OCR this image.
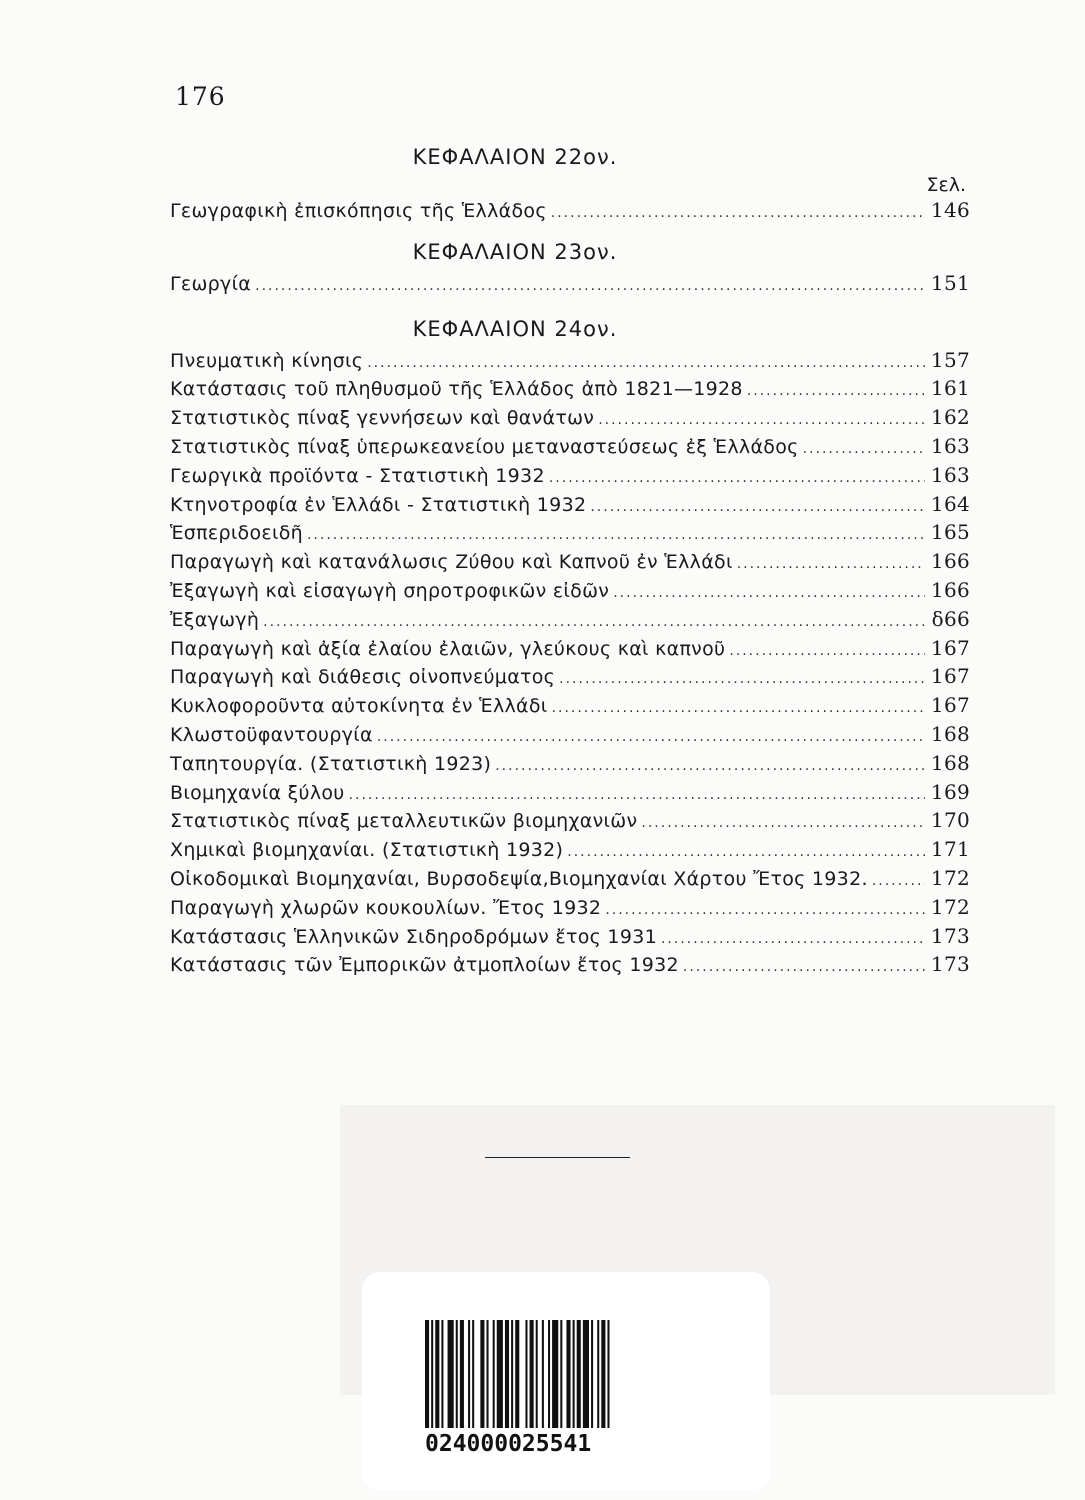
176
ΚΕΦΑΛΑΙΟΝ 22ον.
Σελ.
Γεωγραφικὴ ἐπισκόπησις τῆς Ἑλλάδος .....	146
ΚΕΦΑΛΑΙΟΝ 23ον.
Γεωργία .....	151
ΚΕΦΑΛΑΙΟΝ 24ον.
Πνευματικὴ κίνησις .....	157
Κατάστασις τοῦ πληθυσμοῦ τῆς Ἑλλάδος ἀπὸ 1821—1928 .....	161
Στατιστικὸς πίναξ γεννήσεων καὶ θανάτων .....	162
Στατιστικὸς πίναξ ὑπερωκεανείου μεταναστεύσεως ἐξ Ἑλλάδος .....	163
Γεωργικὰ προϊόντα - Στατιστικὴ 1932 .....	163
Κτηνοτροφία ἐν Ἑλλάδι - Στατιστικὴ 1932 .....	164
Ἑσπεριδοειδῆ .....	165
Παραγωγὴ καὶ κατανάλωσις Ζύθου καὶ Καπνοῦ ἐν Ἑλλάδι .....	166
Ἐξαγωγὴ καὶ εἰσαγωγὴ σηροτροφικῶν εἰδῶν .....	166
Ἐξαγωγὴ .....	δ66
Παραγωγὴ καὶ ἀξία ἐλαίου ἐλαιῶν, γλεύκους καὶ καπνοῦ .....	167
Παραγωγὴ καὶ διάθεσις οἰνοπνεύματος .....	167
Κυκλοφοροῦντα αὐτοκίνητα ἐν Ἑλλάδι .....	167
Κλωστοϋφαντουργία .....	168
Ταπητουργία. (Στατιστικὴ 1923) .....	168
Βιομηχανία ξύλου .....	169
Στατιστικὸς πίναξ μεταλλευτικῶν βιομηχανιῶν .....	170
Χημικαὶ βιομηχανίαι. (Στατιστικὴ 1932) .....	171
Οἰκοδομικαὶ Βιομηχανίαι, Βυρσοδεψία,Βιομηχανίαι Χάρτου Ἔτος 1932. .....	172
Παραγωγὴ χλωρῶν κουκουλίων. Ἔτος 1932 .....	172
Κατάστασις Ἑλληνικῶν Σιδηροδρόμων ἔτος 1931 .....	173
Κατάστασις τῶν Ἐμπορικῶν ἀτμοπλοίων ἔτος 1932 .....	173
024000025541
